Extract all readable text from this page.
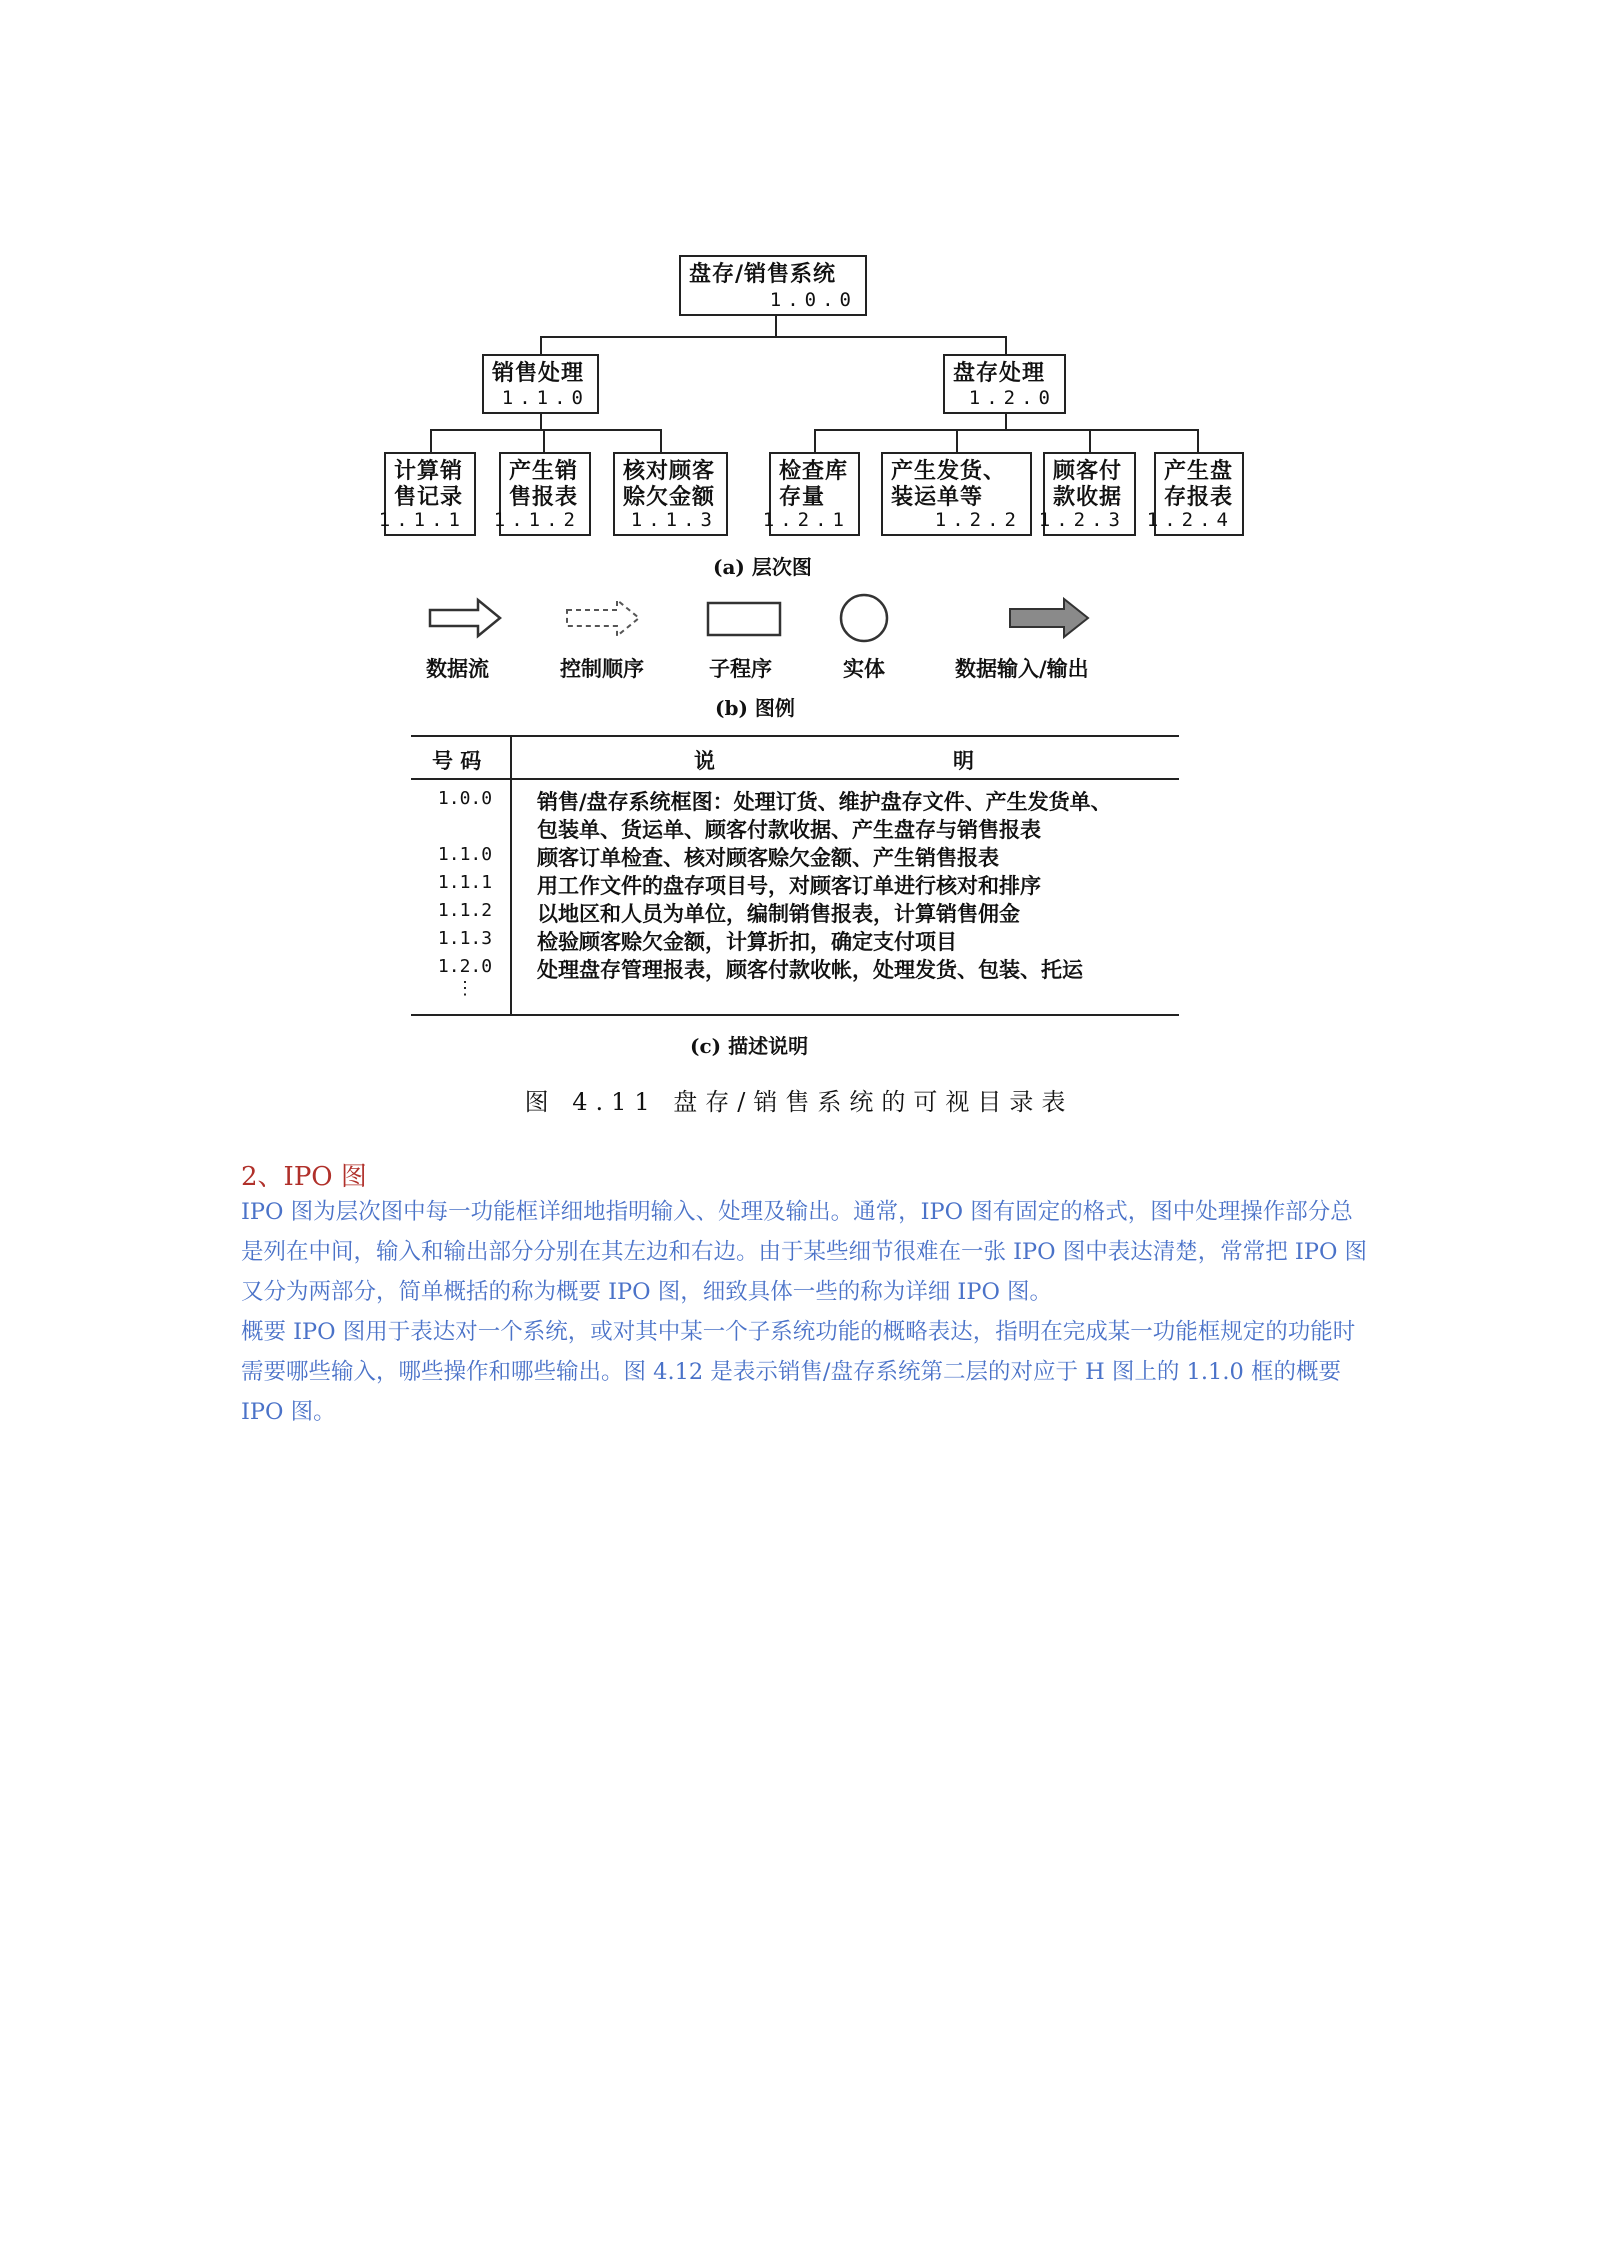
盘存/销售系统
1.0.0
销售处理
1.1.0
盘存处理
1.2.0
计算销
售记录
1.1.1
产生销
售报表
1.1.2
核对顾客
赊欠金额
1.1.3
检查库
存量
1.2.1
产生发货、
装运单等
1.2.2
顾客付
款收据
1.2.3
产生盘
存报表
1.2.4
(a) 层次图
数据流	控制顺序	子程序	实体	数据输入/输出
(b) 图例
号 码	说	明
1.0.0	销售/盘存系统框图：处理订货、维护盘存文件、产生发货单、
包装单、货运单、顾客付款收据、产生盘存与销售报表
1.1.0	顾客订单检查、核对顾客赊欠金额、产生销售报表
1.1.1	用工作文件的盘存项目号，对顾客订单进行核对和排序
1.1.2	以地区和人员为单位，编制销售报表，计算销售佣金
1.1.3	检验顾客赊欠金额，计算折扣，确定支付项目
1.2.0	处理盘存管理报表，顾客付款收帐，处理发货、包装、托运
⋮
(c) 描述说明
图 4.11 盘存/销售系统的可视目录表
2、IPO 图
IPO 图为层次图中每一功能框详细地指明输入、处理及输出。通常，IPO 图有固定的格式，图中处理操作部分总是列在中间，输入和输出部分分别在其左边和右边。由于某些细节很难在一张 IPO 图中表达清楚，常常把 IPO 图又分为两部分，简单概括的称为概要 IPO 图，细致具体一些的称为详细 IPO 图。
概要 IPO 图用于表达对一个系统，或对其中某一个子系统功能的概略表达，指明在完成某一功能框规定的功能时需要哪些输入，哪些操作和哪些输出。图 4.12 是表示销售/盘存系统第二层的对应于 H 图上的 1.1.0 框的概要 IPO 图。
